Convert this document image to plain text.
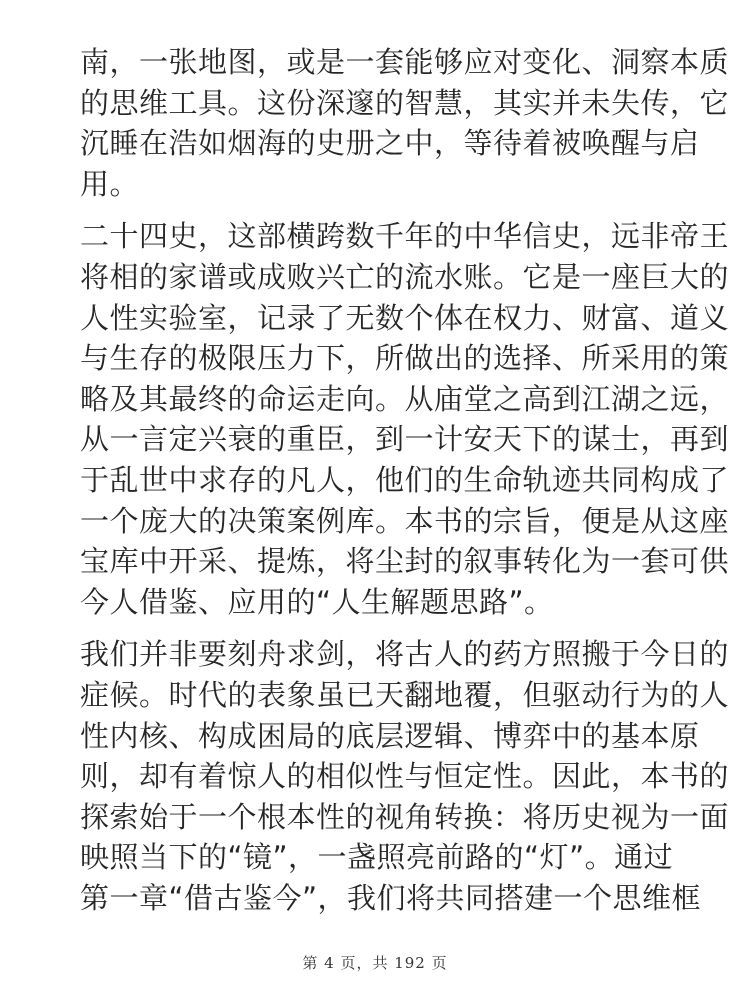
南，一张地图，或是一套能够应对变化、洞察本质
的思维工具。这份深邃的智慧，其实并未失传，它
沉睡在浩如烟海的史册之中，等待着被唤醒与启
用。
二十四史，这部横跨数千年的中华信史，远非帝王
将相的家谱或成败兴亡的流水账。它是一座巨大的
人性实验室，记录了无数个体在权力、财富、道义
与生存的极限压力下，所做出的选择、所采用的策
略及其最终的命运走向。从庙堂之高到江湖之远，
从一言定兴衰的重臣，到一计安天下的谋士，再到
于乱世中求存的凡人，他们的生命轨迹共同构成了
一个庞大的决策案例库。本书的宗旨，便是从这座
宝库中开采、提炼，将尘封的叙事转化为一套可供
今人借鉴、应用的“人生解题思路”。
我们并非要刻舟求剑，将古人的药方照搬于今日的
症候。时代的表象虽已天翻地覆，但驱动行为的人
性内核、构成困局的底层逻辑、博弈中的基本原
则，却有着惊人的相似性与恒定性。因此，本书的
探索始于一个根本性的视角转换：将历史视为一面
映照当下的“镜”，一盏照亮前路的“灯”。通过
第一章“借古鉴今”，我们将共同搭建一个思维框
第 4 页，共 192 页
